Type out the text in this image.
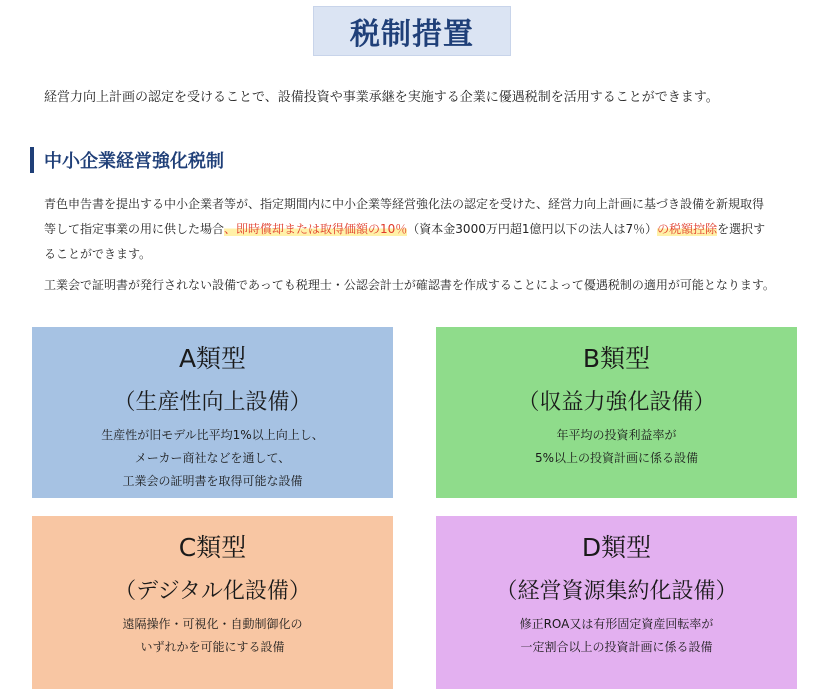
税制措置
経営力向上計画の認定を受けることで、設備投資や事業承継を実施する企業に優遇税制を活用することができます。
中小企業経営強化税制
青色申告書を提出する中小企業者等が、指定期間内に中小企業等経営強化法の認定を受けた、経営力向上計画に基づき設備を新規取得
等して指定事業の用に供した場合、即時償却または取得価額の10％（資本金3000万円超1億円以下の法人は7％）の税額控除を選択す
ることができます。
工業会で証明書が発行されない設備であっても税理士・公認会計士が確認書を作成することによって優遇税制の適用が可能となります。
A類型
（生産性向上設備）
生産性が旧モデル比平均1%以上向上し、
メーカー商社などを通して、
工業会の証明書を取得可能な設備
B類型
（収益力強化設備）
年平均の投資利益率が
5%以上の投資計画に係る設備
C類型
（デジタル化設備）
遠隔操作・可視化・自動制御化の
いずれかを可能にする設備
D類型
（経営資源集約化設備）
修正ROA又は有形固定資産回転率が
一定割合以上の投資計画に係る設備
